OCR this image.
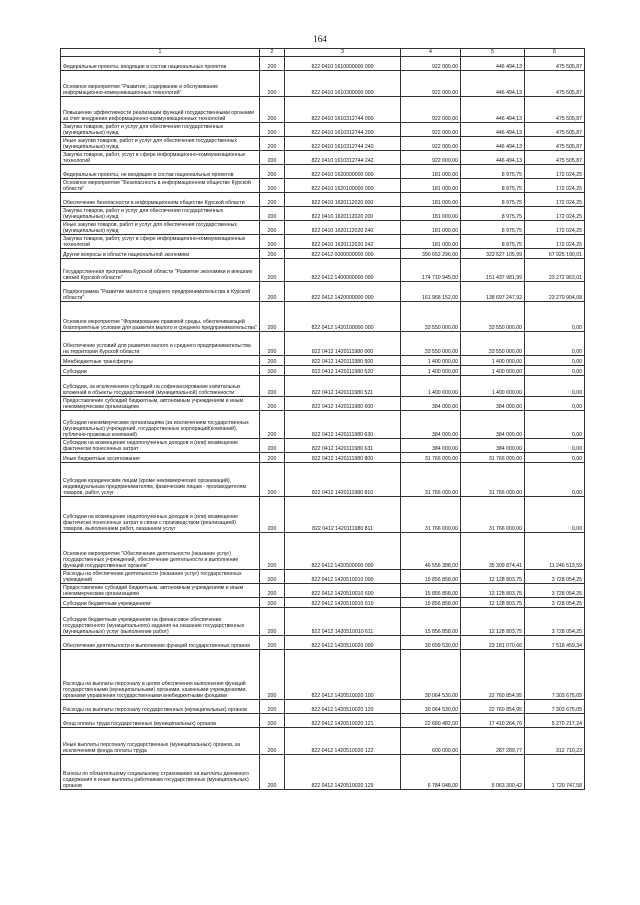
164
1	2	3	4	5	6
Федеральные проекты, входящие в состав национальных проектов	200	822 0410 1610000000 000	922 000,00	446 494,13	475 505,87
Основное мероприятие "Развитие, содержание и обслуживание информационно-коммуникационных технологий"	200	822 0410 1610300000 000	922 000,00	446 494,13	475 505,87
Повышение эффективности реализации функций государственными органами за счет внедрения информационно-коммуникационных технологий	200	822 0410 1610312744 000	922 000,00	446 494,13	475 505,87
Закупка товаров, работ и услуг для обеспечения государственных (муниципальных) нужд	200	822 0410 1610312744 200	922 000,00	446 494,13	475 505,87
Иные закупки товаров, работ и услуг для обеспечения государственных (муниципальных) нужд	200	822 0410 1610312744 240	922 000,00	446 494,13	475 505,87
Закупка товаров, работ, услуг в сфере информационно-коммуникационных технологий	200	822 0410 1610312744 242	922 000,00	446 494,13	475 505,87
Федеральные проекты, не входящие в состав национальных проектов	200	822 0410 1620000000 000	181 000,00	8 975,75	172 024,25
Основное мероприятие "Безопасность в информационном обществе Курской области"	200	822 0410 1620100000 000	181 000,00	8 975,75	172 024,25
Обеспечение безопасности в информационном обществе Курской области	200	822 0410 1620112020 000	181 000,00	8 975,75	172 024,25
Закупка товаров, работ и услуг для обеспечения государственных (муниципальных) нужд	200	822 0410 1620112020 200	181 000,00	8 975,75	172 024,25
Иные закупки товаров, работ и услуг для обеспечения государственных (муниципальных) нужд	200	822 0410 1620112020 240	181 000,00	8 975,75	172 024,25
Закупка товаров, работ, услуг в сфере информационно-коммуникационных технологий	200	822 0410 1620112020 242	181 000,00	8 975,75	172 024,25
Другие вопросы в области национальной экономики	200	822 0412 0000000000 000	390 652 296,00	322 527 105,99	67 925 190,01
Государственная программа Курской области "Развитие экономики и внешних связей Курской области"	200	822 0412 1400000000 000	174 710 945,00	151 437 981,99	23 272 963,01
Подпрограмма "Развитие малого и среднего предпринимательства в Курской области"	200	822 0412 1420000000 000	161 968 152,00	138 697 247,92	23 270 904,08
Основное мероприятие "Формирование правовой среды, обеспечивающей благоприятные условия для развития малого и среднего предпринимательства"	200	822 0412 1420100000 000	33 550 000,00	33 550 000,00	0,00
Обеспечение условий для развития малого и среднего предпринимательства на территории Курской области	200	822 0412 1420111980 000	33 550 000,00	33 550 000,00	0,00
Межбюджетные трансферты	200	822 0412 1420111980 500	1 400 000,00	1 400 000,00	0,00
Субсидии	200	822 0412 1420111980 520	1 400 000,00	1 400 000,00	0,00
Субсидии, за исключением субсидий на софинансирование капитальных вложений в объекты государственной (муниципальной) собственности	200	822 0412 1420111980 521	1 400 000,00	1 400 000,00	0,00
Предоставление субсидий бюджетным, автономным учреждениям и иным некоммерческим организациям	200	822 0412 1420111980 600	384 000,00	384 000,00	0,00
Субсидии некоммерческим организациям (за исключением государственных (муниципальных) учреждений, государственных корпораций(компаний), публично-правовых компаний)	200	822 0412 1420111980 630	384 000,00	384 000,00	0,00
Субсидии на возмещение недополученных доходов и (или) возмещение фактически понесенных затрат	200	822 0412 1420111980 631	384 000,00	384 000,00	0,00
Иные бюджетные ассигнования	200	822 0412 1420111980 800	31 766 000,00	31 766 000,00	0,00
Субсидии юридическим лицам (кроме некоммерческих организаций), индивидуальным предпринимателям, физическим лицам - производителям товаров, работ, услуг	200	822 0412 1420111980 810	31 766 000,00	31 766 000,00	0,00
Субсидии на возмещение недополученных доходов и (или) возмещение фактически понесенных затрат в связи с производством (реализацией) товаров, выполнением работ, оказанием услуг	200	822 0412 1420111980 811	31 766 000,00	31 766 000,00	0,00
Основное мероприятие "Обеспечение деятельности (оказание услуг) государственных учреждений, обеспечение деятельности и выполнение функций государственных органов"	200	822 0412 1420500000 000	46 556 388,00	35 309 874,41	11 246 513,59
Расходы на обеспечение деятельности (оказание услуг) государственных учреждений	200	822 0412 1420510010 000	15 856 858,00	12 128 803,75	3 728 054,25
Предоставление субсидий бюджетным, автономным учреждениям и иным некоммерческим организациям	200	822 0412 1420510010 600	15 856 858,00	12 128 803,75	3 728 054,25
Субсидии бюджетным учреждениям	200	822 0412 1420510010 610	15 856 858,00	12 128 803,75	3 728 054,25
Субсидии бюджетным учреждениям на финансовое обеспечение государственного (муниципального) задания на оказание государственных (муниципальных) услуг (выполнение работ)	200	822 0412 1420510010 611	15 856 858,00	12 128 803,75	3 728 054,25
Обеспечение деятельности и выполнение функций государственных органов	200	822 0412 1420510020 000	30 699 530,00	23 181 070,66	7 518 459,34
Расходы на выплаты персоналу в целях обеспечения выполнения функций государственными (муниципальными) органами, казенными учреждениями, органами управления государственными внебюджетными фондами	200	822 0412 1420510020 100	30 064 530,00	22 760 854,95	7 303 675,05
Расходы на выплаты персоналу государственных (муниципальных) органов	200	822 0412 1420510020 120	30 064 530,00	22 760 854,95	7 303 675,05
Фонд оплаты труда государственных (муниципальных) органов	200	822 0412 1420510020 121	22 680 482,00	17 410 264,76	5 270 217,24
Иные выплаты персоналу государственных (муниципальных) органов, за исключением фонда оплаты труда	200	822 0412 1420510020 122	600 000,00	287 289,77	312 710,23
Взносы по обязательному социальному страхованию на выплаты денежного содержания и иные выплаты работникам государственных (муниципальных) органов	200	822 0412 1420510020 129	6 784 048,00	5 063 300,42	1 720 747,58
